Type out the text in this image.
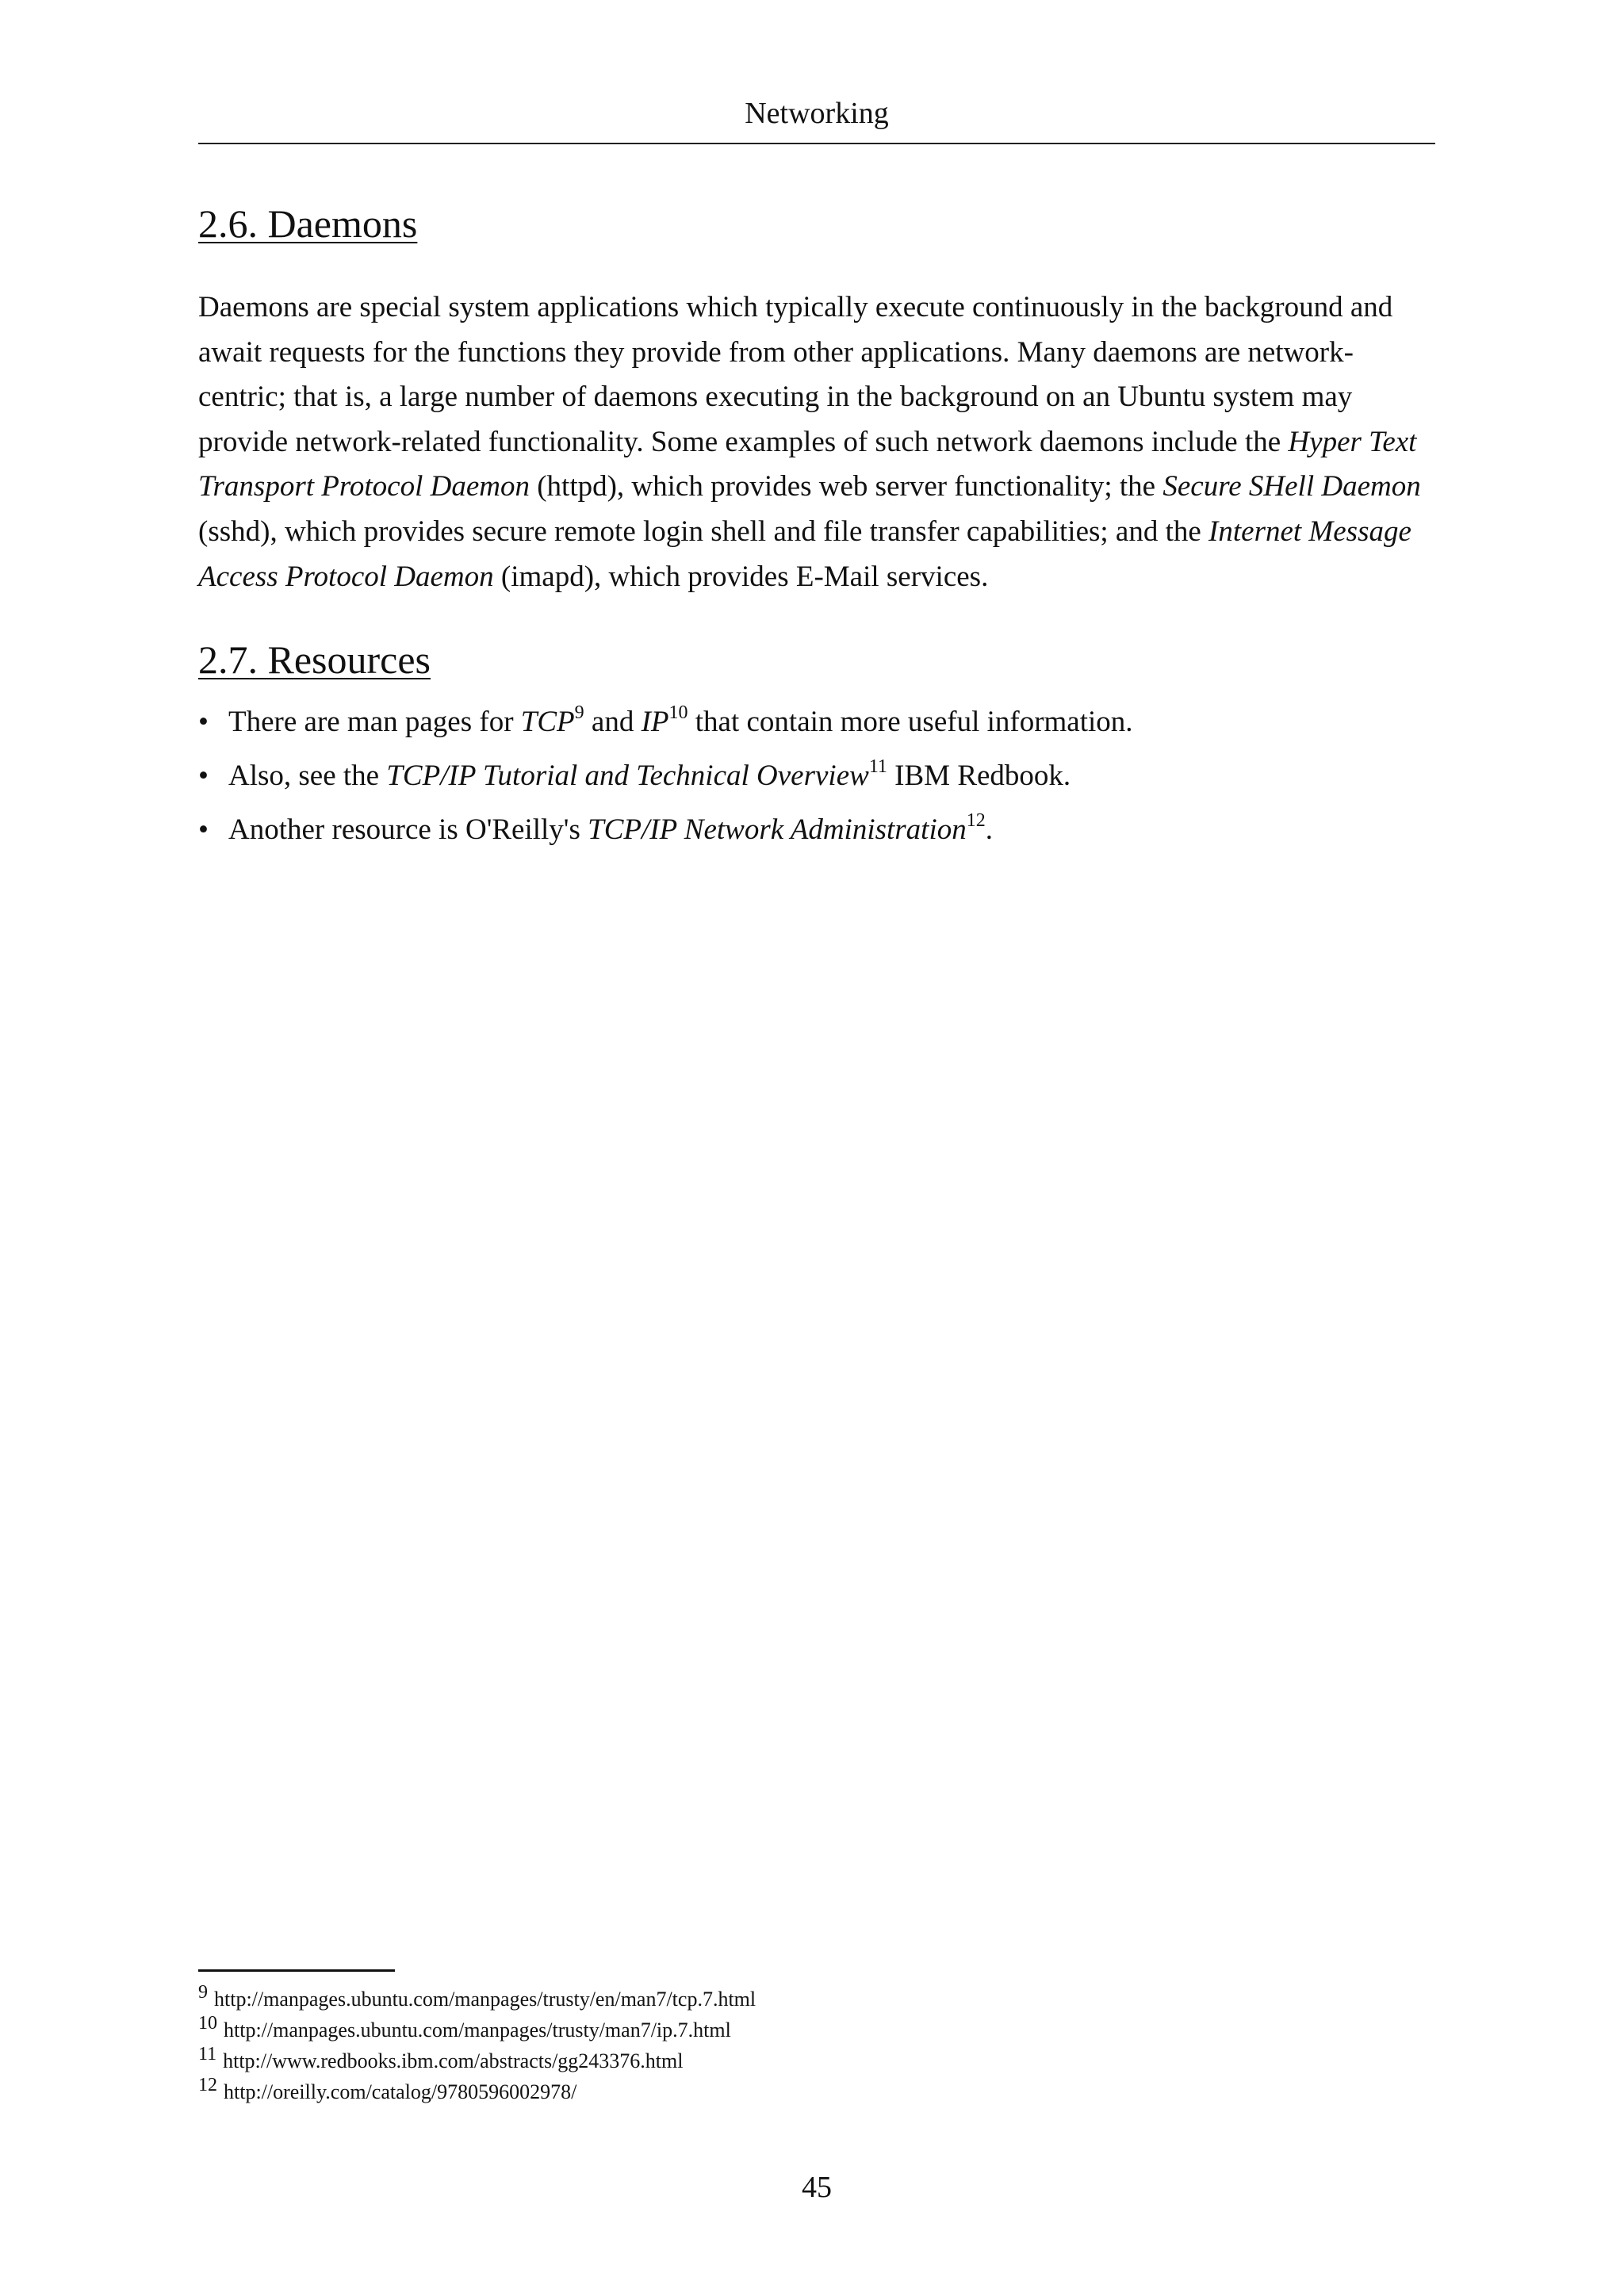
Networking
2.6. Daemons

Daemons are special system applications which typically execute continuously in the background and await requests for the functions they provide from other applications. Many daemons are network-centric; that is, a large number of daemons executing in the background on an Ubuntu system may provide network-related functionality. Some examples of such network daemons include the Hyper Text Transport Protocol Daemon (httpd), which provides web server functionality; the Secure SHell Daemon (sshd), which provides secure remote login shell and file transfer capabilities; and the Internet Message Access Protocol Daemon (imapd), which provides E-Mail services.

2.7. Resources
• There are man pages for TCP$^9$ and IP$^{10}$ that contain more useful information.
• Also, see the TCP/IP Tutorial and Technical Overview$^{11}$ IBM Redbook.
• Another resource is O'Reilly's TCP/IP Network Administration$^{12}$.
9 http://manpages.ubuntu.com/manpages/trusty/en/man7/tcp.7.html
10 http://manpages.ubuntu.com/manpages/trusty/man7/ip.7.html
11 http://www.redbooks.ibm.com/abstracts/gg243376.html
12 http://oreilly.com/catalog/9780596002978/
45
